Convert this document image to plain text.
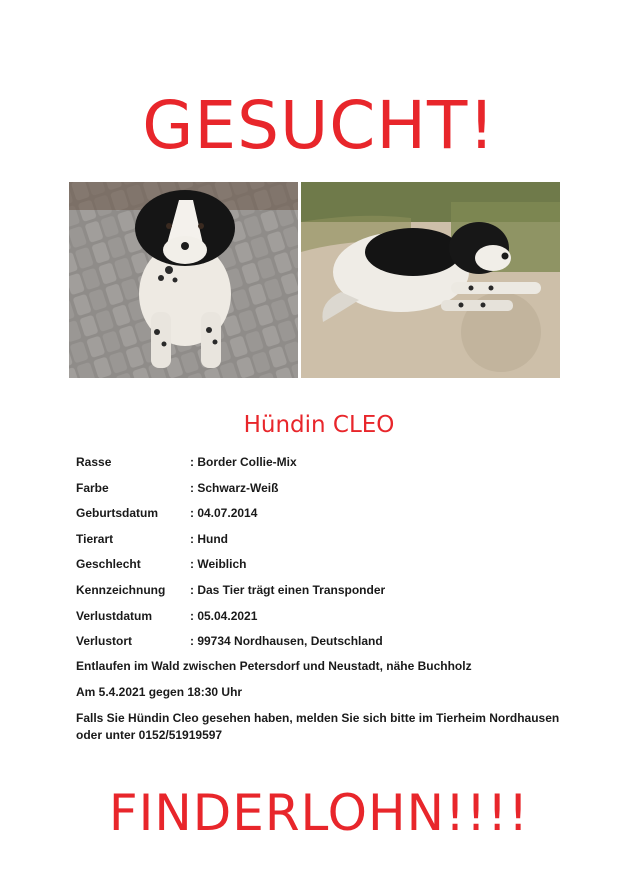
GESUCHT!
Hündin CLEO
Rasse	: Border Collie-Mix
Farbe	: Schwarz-Weiß
Geburtsdatum	: 04.07.2014
Tierart	: Hund
Geschlecht	: Weiblich
Kennzeichnung : Das Tier trägt einen Transponder
Verlustdatum	: 05.04.2021
Verlustort	: 99734 Nordhausen, Deutschland
Entlaufen im Wald zwischen Petersdorf und Neustadt, nähe Buchholz
Am 5.4.2021 gegen 18:30 Uhr
Falls Sie Hündin Cleo gesehen haben, melden Sie sich bitte im Tierheim Nordhausen oder unter 0152/51919597
FINDERLOHN!!!!
